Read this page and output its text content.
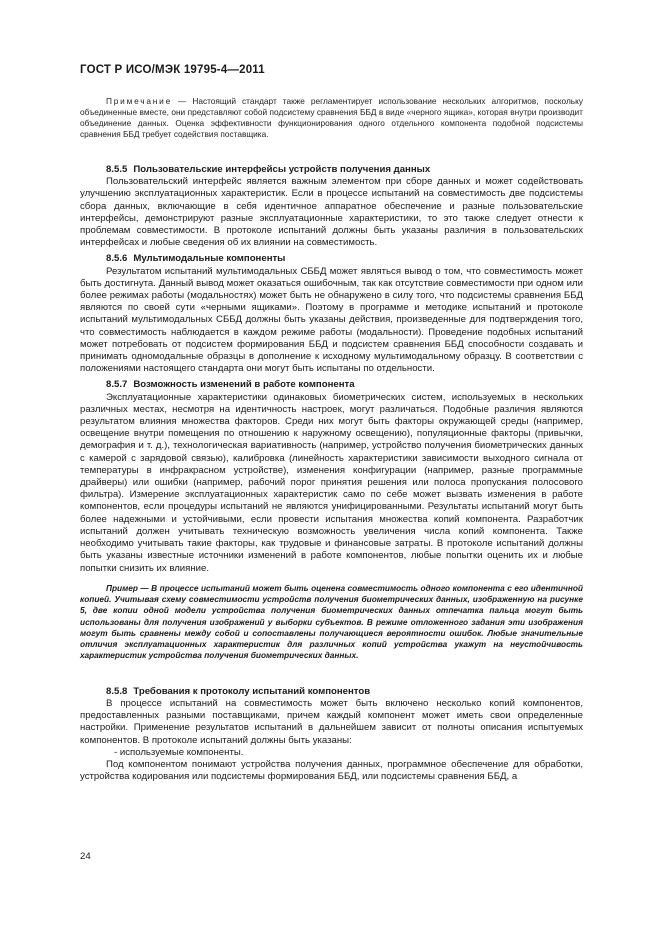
ГОСТ Р ИСО/МЭК 19795-4—2011

Примечание — Настоящий стандарт также регламентирует использование нескольких алгоритмов, поскольку объединенные вместе, они представляют собой подсистему сравнения ББД в виде «черного ящика», которая внутри производит объединение данных. Оценка эффективности функционирования одного отдельного компонента подобной подсистемы сравнения ББД требует содействия поставщика.

8.5.5 Пользовательские интерфейсы устройств получения данных

Пользовательский интерфейс является важным элементом при сборе данных и может содействовать улучшению эксплуатационных характеристик. Если в процессе испытаний на совместимость две подсистемы сбора данных, включающие в себя идентичное аппаратное обеспечение и разные пользовательские интерфейсы, демонстрируют разные эксплуатационные характеристики, то это также следует отнести к проблемам совместимости. В протоколе испытаний должны быть указаны различия в пользовательских интерфейсах и любые сведения об их влиянии на совместимость.

8.5.6 Мультимодальные компоненты

Результатом испытаний мультимодальных СББД может являться вывод о том, что совместимость может быть достигнута. Данный вывод может оказаться ошибочным, так как отсутствие совместимости при одном или более режимах работы (модальностях) может быть не обнаружено в силу того, что подсистемы сравнения ББД являются по своей сути «черными ящиками». Поэтому в программе и методике испытаний и протоколе испытаний мультимодальных СББД должны быть указаны действия, произведенные для подтверждения того, что совместимость наблюдается в каждом режиме работы (модальности). Проведение подобных испытаний может потребовать от подсистем формирования ББД и подсистем сравнения ББД способности создавать и принимать одномодальные образцы в дополнение к исходному мультимодальному образцу. В соответствии с положениями настоящего стандарта они могут быть испытаны по отдельности.

8.5.7 Возможность изменений в работе компонента

Эксплуатационные характеристики одинаковых биометрических систем, используемых в нескольких различных местах, несмотря на идентичность настроек, могут различаться. Подобные различия являются результатом влияния множества факторов. Среди них могут быть факторы окружающей среды (например, освещение внутри помещения по отношению к наружному освещению), популяционные факторы (привычки, демография и т. д.), технологическая вариативность (например, устройство получения биометрических данных с камерой с зарядовой связью), калибровка (линейность характеристики зависимости выходного сигнала от температуры в инфракрасном устройстве), изменения конфигурации (например, разные программные драйверы) или ошибки (например, рабочий порог принятия решения или полоса пропускания полосового фильтра). Измерение эксплуатационных характеристик само по себе может вызвать изменения в работе компонентов, если процедуры испытаний не являются унифицированными. Результаты испытаний могут быть более надежными и устойчивыми, если провести испытания множества копий компонента. Разработчик испытаний должен учитывать техническую возможность увеличения числа копий компонента. Также необходимо учитывать такие факторы, как трудовые и финансовые затраты. В протоколе испытаний должны быть указаны известные источники изменений в работе компонентов, любые попытки оценить их и любые попытки снизить их влияние.

Пример — В процессе испытаний может быть оценена совместимость одного компонента с его идентичной копией. Учитывая схему совместимости устройств получения биометрических данных, изображенную на рисунке 5, две копии одной модели устройства получения биометрических данных отпечатка пальца могут быть использованы для получения изображений у выборки субъектов. В режиме отложенного задания эти изображения могут быть сравнены между собой и сопоставлены получающиеся вероятности ошибок. Любые значительные отличия эксплуатационных характеристик для различных копий устройства укажут на неустойчивость характеристик устройства получения биометрических данных.

8.5.8 Требования к протоколу испытаний компонентов

В процессе испытаний на совместимость может быть включено несколько копий компонентов, предоставленных разными поставщиками, причем каждый компонент может иметь свои определенные настройки. Применение результатов испытаний в дальнейшем зависит от полноты описания испытуемых компонентов. В протоколе испытаний должны быть указаны:

- используемые компоненты.

Под компонентом понимают устройства получения данных, программное обеспечение для обработки, устройства кодирования или подсистемы формирования ББД, или подсистемы сравнения ББД, а

24
